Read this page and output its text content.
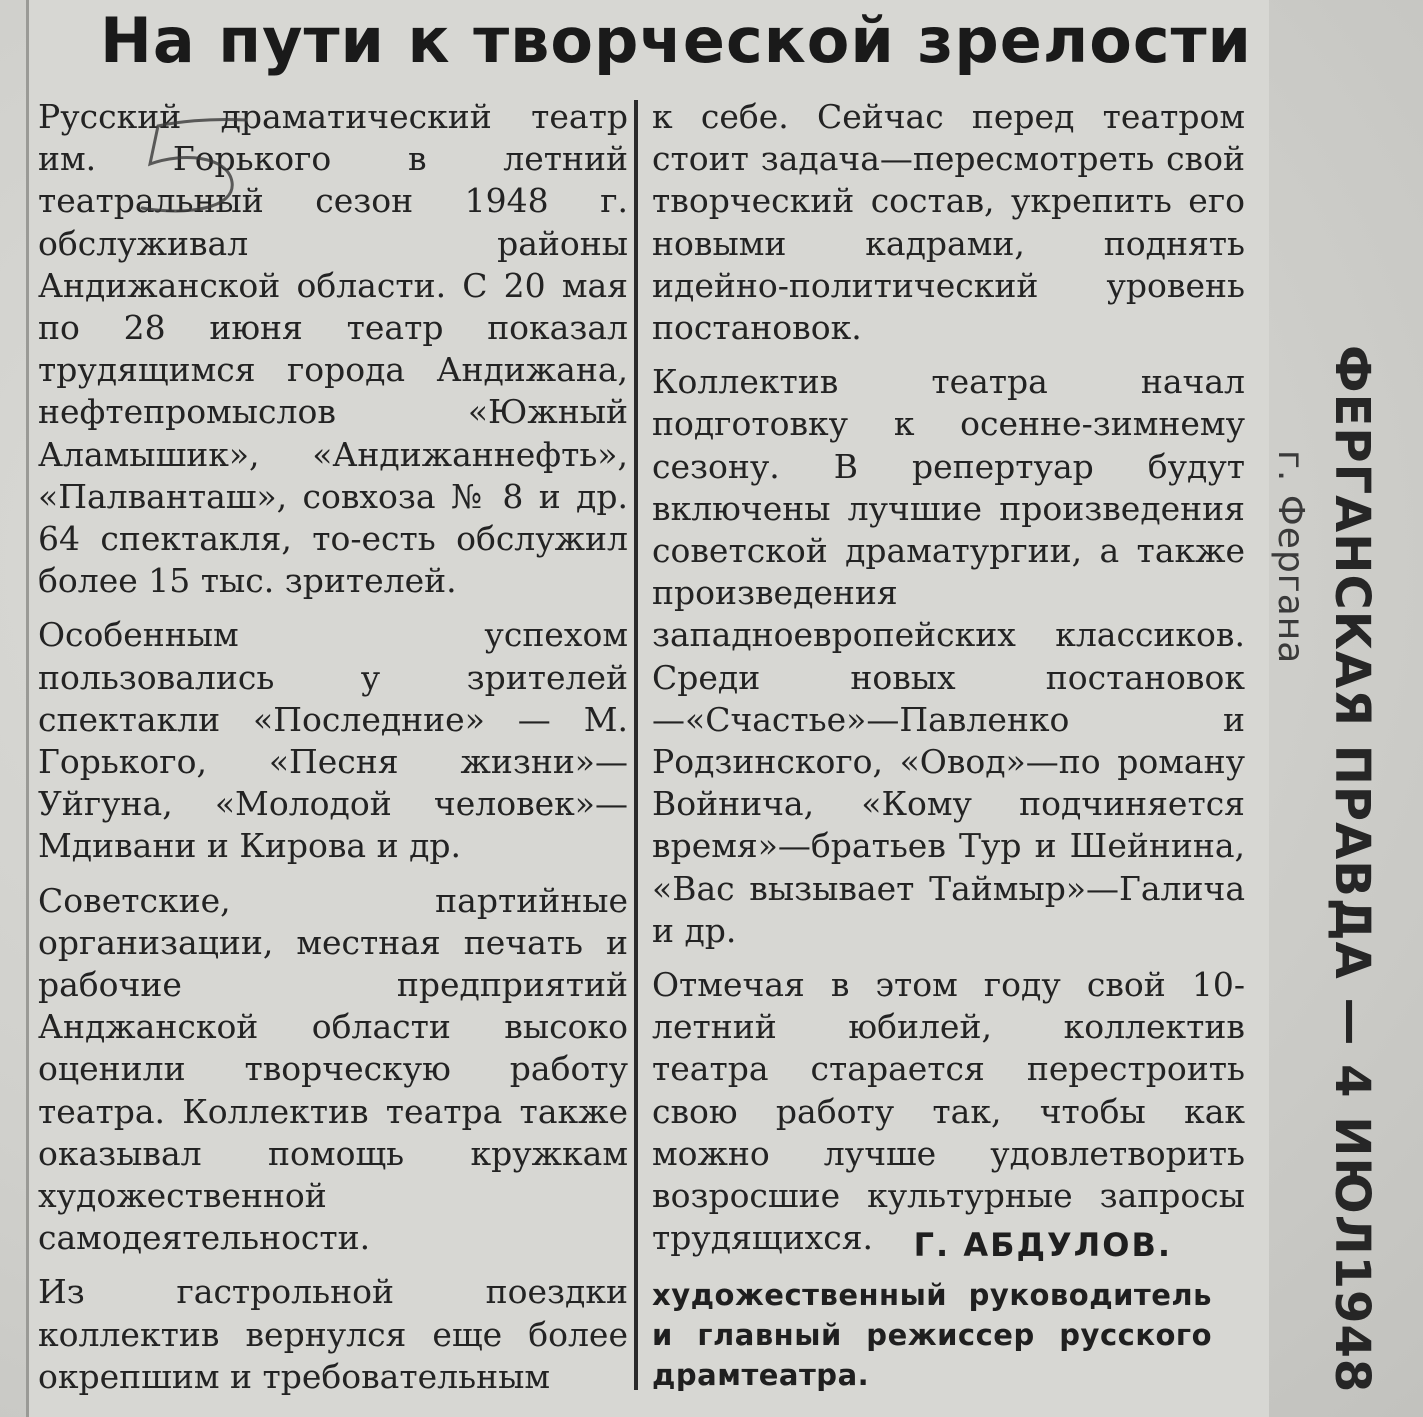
На пути к творческой зрелости

Русский драматический театр им. Горького в летний театральный сезон 1948 г. обслуживал районы Андижанской области. С 20 мая по 28 июня театр показал трудящимся города Андижана, нефтепромыслов «Южный Аламышик», «Андижаннефть», «Палванташ», совхоза № 8 и др. 64 спектакля, то-есть обслужил более 15 тыс. зрителей.

Особенным успехом пользовались у зрителей спектакли «Последние» — М. Горького, «Песня жизни»—Уйгуна, «Молодой человек»—Мдивани и Кирова и др.

Советские, партийные организации, местная печать и рабочие предприятий Анджанской области высоко оценили творческую работу театра. Коллектив театра также оказывал помощь кружкам художественной самодеятельности.

Из гастрольной поездки коллектив вернулся еще более окрепшим и требовательным

к себе. Сейчас перед театром стоит задача—пересмотреть свой творческий состав, укрепить его новыми кадрами, поднять идейно-политический уровень постановок.

Коллектив театра начал подготовку к осенне-зимнему сезону. В репертуар будут включены лучшие произведения советской драматургии, а также произведения западноевропейских классиков. Среди новых постановок—«Счастье»—Павленко и Родзинского, «Овод»—по роману Войнича, «Кому подчиняется время»—братьев Тур и Шейнина, «Вас вызывает Таймыр»—Галича и др.

Отмечая в этом году свой 10-летний юбилей, коллектив театра старается перестроить свою работу так, чтобы как можно лучше удовлетворить возросшие культурные запросы трудящихся.	Г. АБДУЛОВ.
художественный руководитель и главный режиссер русского драмтеатра.	ФЕРГАНСКАЯ ПРАВДА — 4 ИЮЛ1948
г. Фергана
